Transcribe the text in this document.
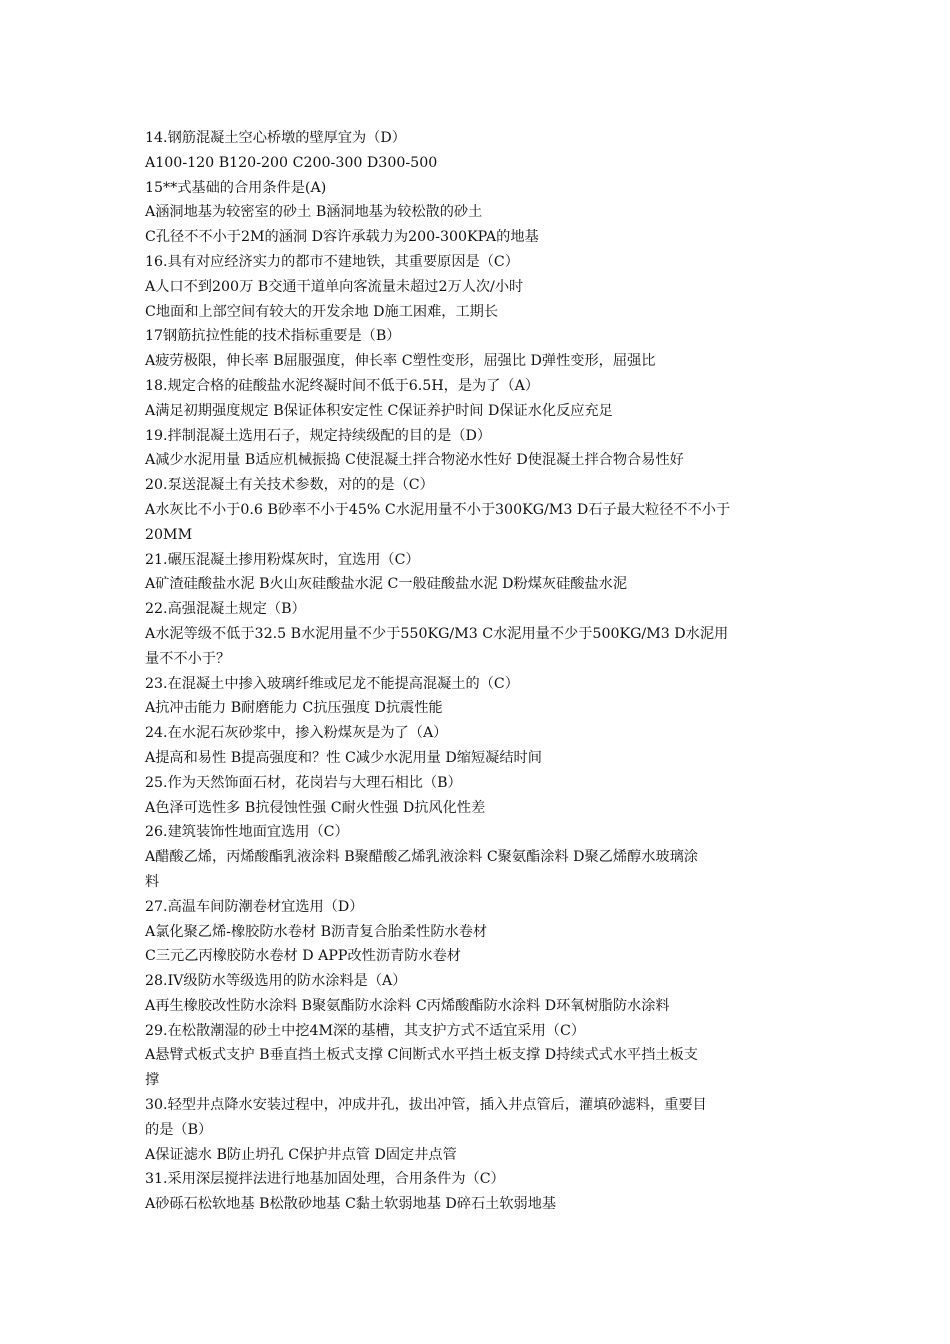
14.钢筋混凝土空心桥墩的壁厚宜为（D）

A100-120 B120-200 C200-300 D300-500

15**式基础的合用条件是(A)

A涵洞地基为较密室的砂土 B涵洞地基为较松散的砂土

C孔径不不小于2M的涵洞 D容许承载力为200-300KPA的地基

16.具有对应经济实力的都市不建地铁，其重要原因是（C）

A人口不到200万 B交通干道单向客流量未超过2万人次/小时

C地面和上部空间有较大的开发余地 D施工困难，工期长

17钢筋抗拉性能的技术指标重要是（B）

A疲劳极限，伸长率 B屈服强度，伸长率 C塑性变形，屈强比 D弹性变形，屈强比

18.规定合格的硅酸盐水泥终凝时间不低于6.5H，是为了（A）

A满足初期强度规定 B保证体积安定性 C保证养护时间 D保证水化反应充足

19.拌制混凝土选用石子，规定持续级配的目的是（D）

A减少水泥用量 B适应机械振捣 C使混凝土拌合物泌水性好 D使混凝土拌合物合易性好

20.泵送混凝土有关技术参数，对的的是（C）

A水灰比不小于0.6 B砂率不小于45% C水泥用量不小于300KG/M3 D石子最大粒径不不小于

20MM

21.碾压混凝土掺用粉煤灰时，宜选用（C）

A矿渣硅酸盐水泥 B火山灰硅酸盐水泥 C一般硅酸盐水泥 D粉煤灰硅酸盐水泥

22.高强混凝土规定（B）

A水泥等级不低于32.5 B水泥用量不少于550KG/M3 C水泥用量不少于500KG/M3 D水泥用

量不不小于？

23.在混凝土中掺入玻璃纤维或尼龙不能提高混凝土的（C）

A抗冲击能力 B耐磨能力 C抗压强度 D抗震性能

24.在水泥石灰砂浆中，掺入粉煤灰是为了（A）

A提高和易性 B提高强度和？性 C减少水泥用量 D缩短凝结时间

25.作为天然饰面石材，花岗岩与大理石相比（B）

A色泽可选性多 B抗侵蚀性强 C耐火性强 D抗风化性差

26.建筑装饰性地面宜选用（C）

A醋酸乙烯，丙烯酸酯乳液涂料 B聚醋酸乙烯乳液涂料 C聚氨酯涂料 D聚乙烯醇水玻璃涂

料

27.高温车间防潮卷材宜选用（D）

A氯化聚乙烯-橡胶防水卷材 B沥青复合胎柔性防水卷材

C三元乙丙橡胶防水卷材 D APP改性沥青防水卷材

28.IV级防水等级选用的防水涂料是（A）

A再生橡胶改性防水涂料 B聚氨酯防水涂料 C丙烯酸酯防水涂料 D环氧树脂防水涂料

29.在松散潮湿的砂土中挖4M深的基槽，其支护方式不适宜采用（C）

A悬臂式板式支护 B垂直挡土板式支撑 C间断式水平挡土板支撑 D持续式式水平挡土板支

撑

30.轻型井点降水安装过程中，冲成井孔，拔出冲管，插入井点管后，灌填砂滤料，重要目

的是（B）

A保证滤水 B防止坍孔 C保护井点管 D固定井点管

31.采用深层搅拌法进行地基加固处理，合用条件为（C）

A砂砾石松软地基 B松散砂地基 C黏土软弱地基 D碎石土软弱地基
